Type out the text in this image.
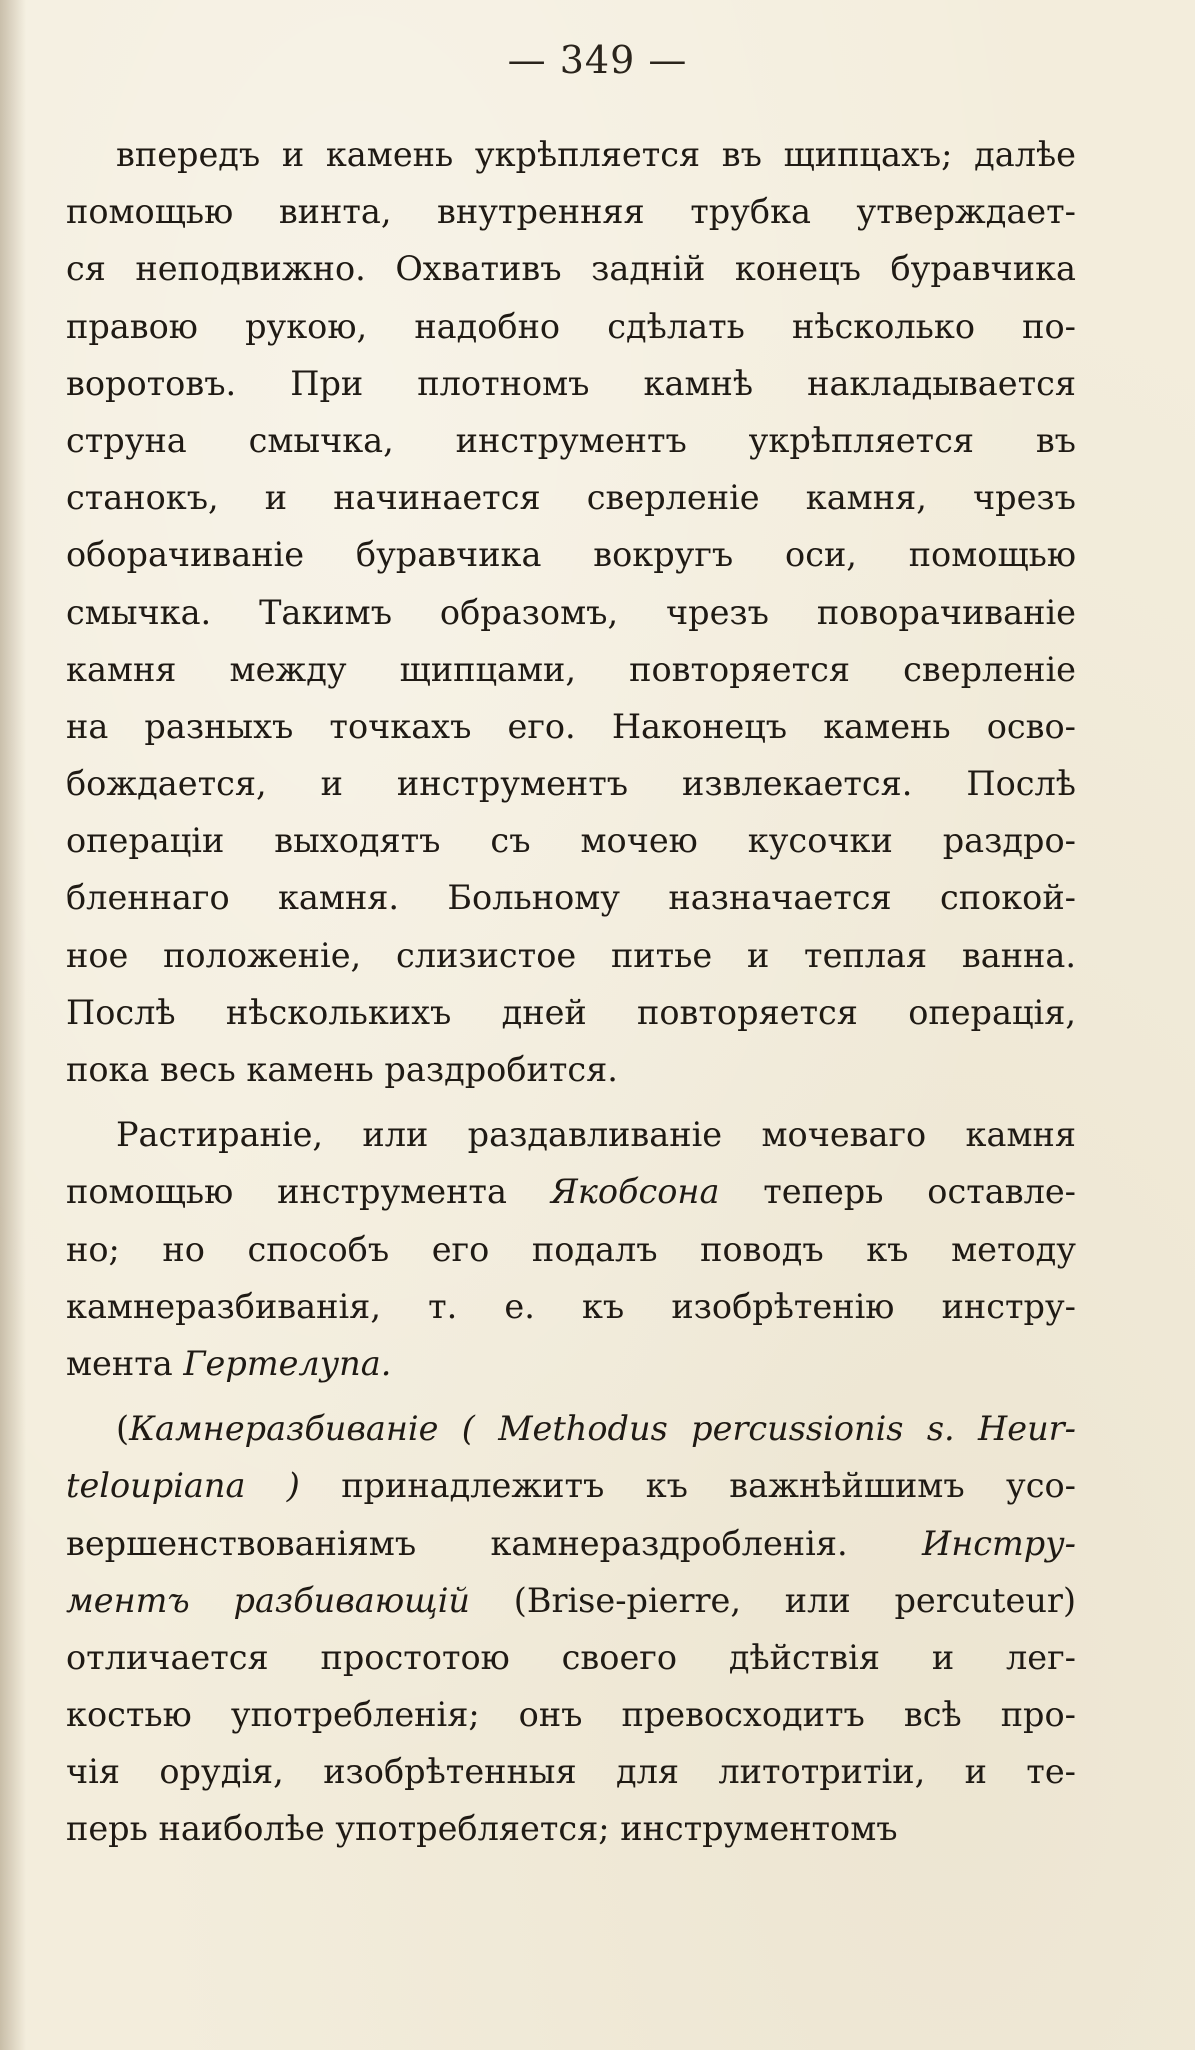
— 349 —
впередъ и камень укрѣпляется въ щипцахъ; далѣе
помощью винта, внутренняя трубка утверждает-
ся неподвижно. Охвативъ задній конецъ буравчика
правою рукою, надобно сдѣлать нѣсколько по-
воротовъ. При плотномъ камнѣ накладывается
струна смычка, инструментъ укрѣпляется въ
станокъ, и начинается сверленіе камня, чрезъ
оборачиваніе буравчика вокругъ оси, помощью
смычка. Такимъ образомъ, чрезъ поворачиваніе
камня между щипцами, повторяется сверленіе
на разныхъ точкахъ его. Наконецъ камень осво-
бождается, и инструментъ извлекается. Послѣ
операціи выходятъ съ мочею кусочки раздро-
бленнаго камня. Больному назначается спокой-
ное положеніе, слизистое питье и теплая ванна.
Послѣ нѣсколькихъ дней повторяется операція,
пока весь камень раздробится.
Растираніе, или раздавливаніе мочеваго камня
помощью инструмента Якобсона теперь оставле-
но; но способъ его подалъ поводъ къ методу
камнеразбиванія, т. е. къ изобрѣтенію инстру-
мента Гертелупа.
(Камнеразбиваніе ( Methodus percussionis s. Heur-
teloupiana ) принадлежитъ къ важнѣйшимъ усо-
вершенствованіямъ камнераздробленія. Инстру-
ментъ разбивающій (Brise-pierre, или percuteur)
отличается простотою своего дѣйствія и лег-
костью употребленія; онъ превосходитъ всѣ про-
чія орудія, изобрѣтенныя для литотритіи, и те-
перь наиболѣе употребляется; инструментомъ
